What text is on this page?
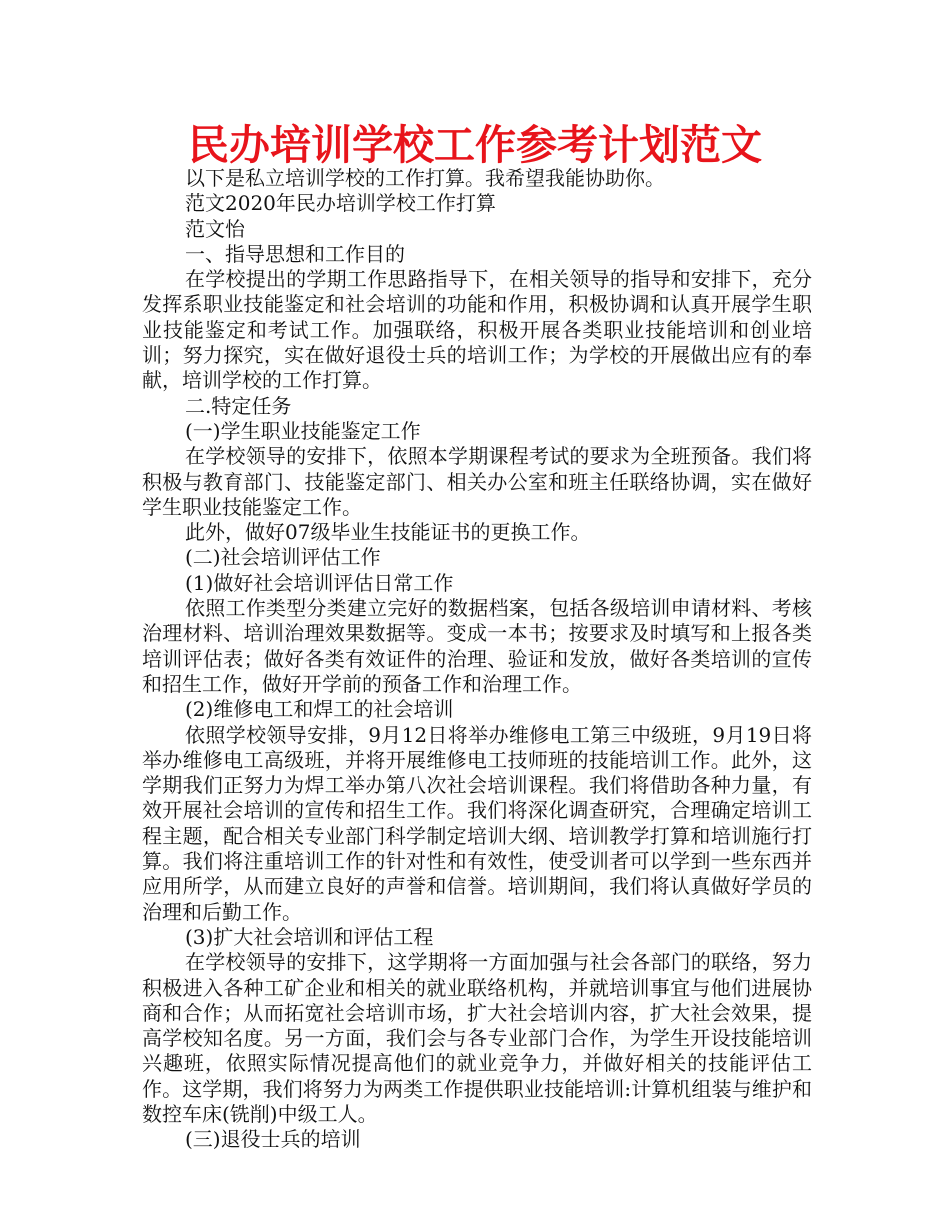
民办培训学校工作参考计划范文

以下是私立培训学校的工作打算。我希望我能协助你。

范文2020年民办培训学校工作打算

范文怡

一、指导思想和工作目的

在学校提出的学期工作思路指导下，在相关领导的指导和安排下，充分发挥系职业技能鉴定和社会培训的功能和作用，积极协调和认真开展学生职业技能鉴定和考试工作。加强联络，积极开展各类职业技能培训和创业培训；努力探究，实在做好退役士兵的培训工作；为学校的开展做出应有的奉献，培训学校的工作打算。

二.特定任务

(一)学生职业技能鉴定工作

在学校领导的安排下，依照本学期课程考试的要求为全班预备。我们将积极与教育部门、技能鉴定部门、相关办公室和班主任联络协调，实在做好学生职业技能鉴定工作。

此外，做好07级毕业生技能证书的更换工作。

(二)社会培训评估工作

(1)做好社会培训评估日常工作

依照工作类型分类建立完好的数据档案，包括各级培训申请材料、考核治理材料、培训治理效果数据等。变成一本书；按要求及时填写和上报各类培训评估表；做好各类有效证件的治理、验证和发放，做好各类培训的宣传和招生工作，做好开学前的预备工作和治理工作。

(2)维修电工和焊工的社会培训

依照学校领导安排，9月12日将举办维修电工第三中级班，9月19日将举办维修电工高级班，并将开展维修电工技师班的技能培训工作。此外，这学期我们正努力为焊工举办第八次社会培训课程。我们将借助各种力量，有效开展社会培训的宣传和招生工作。我们将深化调查研究，合理确定培训工程主题，配合相关专业部门科学制定培训大纲、培训教学打算和培训施行打算。我们将注重培训工作的针对性和有效性，使受训者可以学到一些东西并应用所学，从而建立良好的声誉和信誉。培训期间，我们将认真做好学员的治理和后勤工作。

(3)扩大社会培训和评估工程

在学校领导的安排下，这学期将一方面加强与社会各部门的联络，努力积极进入各种工矿企业和相关的就业联络机构，并就培训事宜与他们进展协商和合作；从而拓宽社会培训市场，扩大社会培训内容，扩大社会效果，提高学校知名度。另一方面，我们会与各专业部门合作，为学生开设技能培训兴趣班，依照实际情况提高他们的就业竞争力，并做好相关的技能评估工作。这学期，我们将努力为两类工作提供职业技能培训:计算机组装与维护和数控车床(铣削)中级工人。

(三)退役士兵的培训
